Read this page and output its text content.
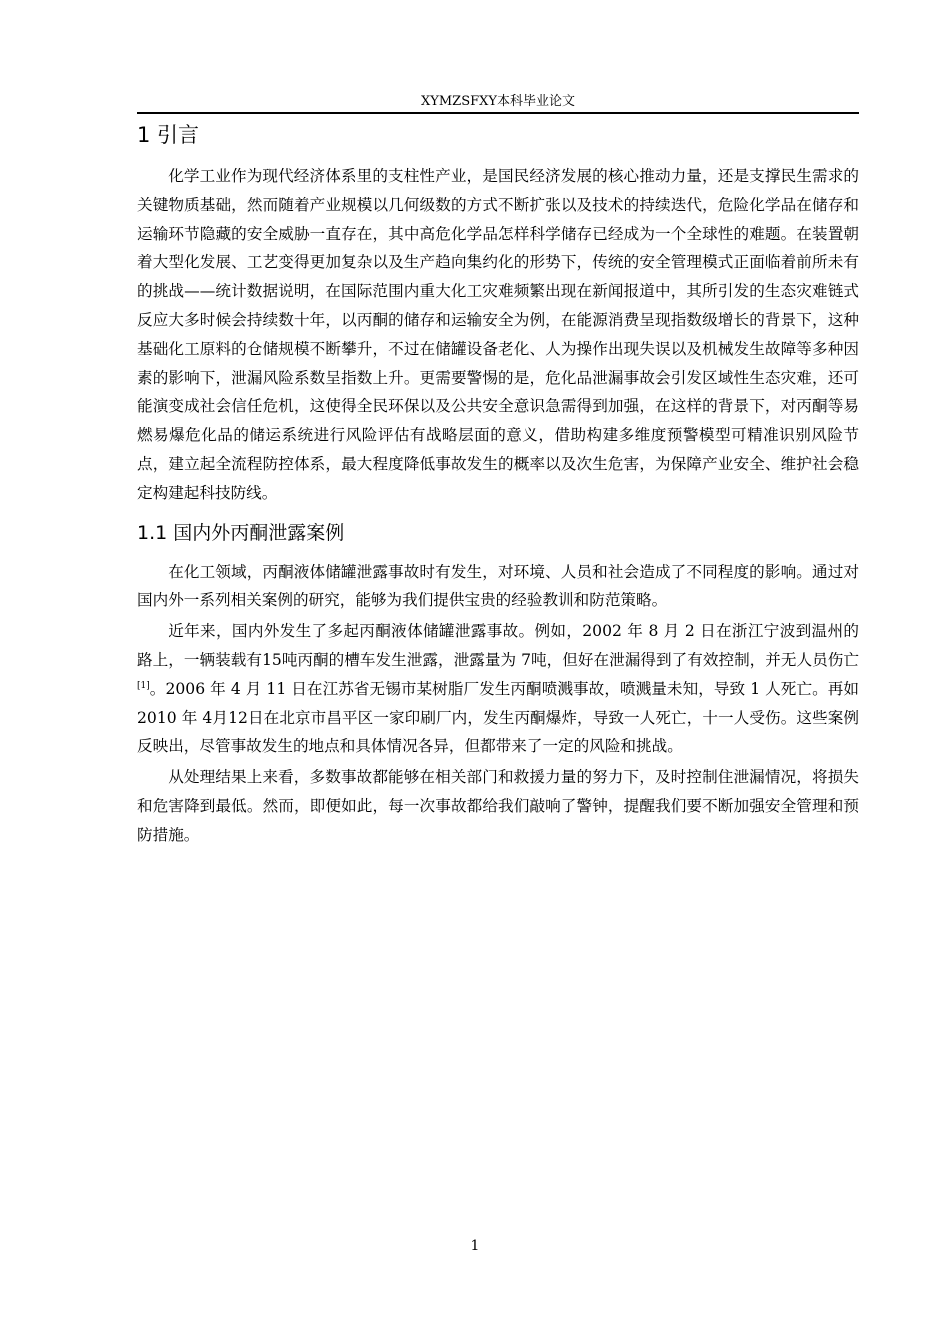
XYMZSFXY本科毕业论文
1 引言

化学工业作为现代经济体系里的支柱性产业，是国民经济发展的核心推动力量，还是支撑民生需求的关键物质基础，然而随着产业规模以几何级数的方式不断扩张以及技术的持续迭代，危险化学品在储存和运输环节隐藏的安全威胁一直存在，其中高危化学品怎样科学储存已经成为一个全球性的难题。在装置朝着大型化发展、工艺变得更加复杂以及生产趋向集约化的形势下，传统的安全管理模式正面临着前所未有的挑战——统计数据说明，在国际范围内重大化工灾难频繁出现在新闻报道中，其所引发的生态灾难链式反应大多时候会持续数十年，以丙酮的储存和运输安全为例，在能源消费呈现指数级增长的背景下，这种基础化工原料的仓储规模不断攀升，不过在储罐设备老化、人为操作出现失误以及机械发生故障等多种因素的影响下，泄漏风险系数呈指数上升。更需要警惕的是，危化品泄漏事故会引发区域性生态灾难，还可能演变成社会信任危机，这使得全民环保以及公共安全意识急需得到加强，在这样的背景下，对丙酮等易燃易爆危化品的储运系统进行风险评估有战略层面的意义，借助构建多维度预警模型可精准识别风险节点，建立起全流程防控体系，最大程度降低事故发生的概率以及次生危害，为保障产业安全、维护社会稳定构建起科技防线。

1.1 国内外丙酮泄露案例

在化工领域，丙酮液体储罐泄露事故时有发生，对环境、人员和社会造成了不同程度的影响。通过对国内外一系列相关案例的研究，能够为我们提供宝贵的经验教训和防范策略。

近年来，国内外发生了多起丙酮液体储罐泄露事故。例如，2002 年 8 月 2 日在浙江宁波到温州的路上，一辆装载有15吨丙酮的槽车发生泄露，泄露量为 7吨，但好在泄漏得到了有效控制，并无人员伤亡[1]。2006 年 4 月 11 日在江苏省无锡市某树脂厂发生丙酮喷溅事故，喷溅量未知，导致 1 人死亡。再如2010 年 4月12日在北京市昌平区一家印刷厂内，发生丙酮爆炸，导致一人死亡，十一人受伤。这些案例反映出，尽管事故发生的地点和具体情况各异，但都带来了一定的风险和挑战。

从处理结果上来看，多数事故都能够在相关部门和救援力量的努力下，及时控制住泄漏情况，将损失和危害降到最低。然而，即便如此，每一次事故都给我们敲响了警钟，提醒我们要不断加强安全管理和预防措施。

1
